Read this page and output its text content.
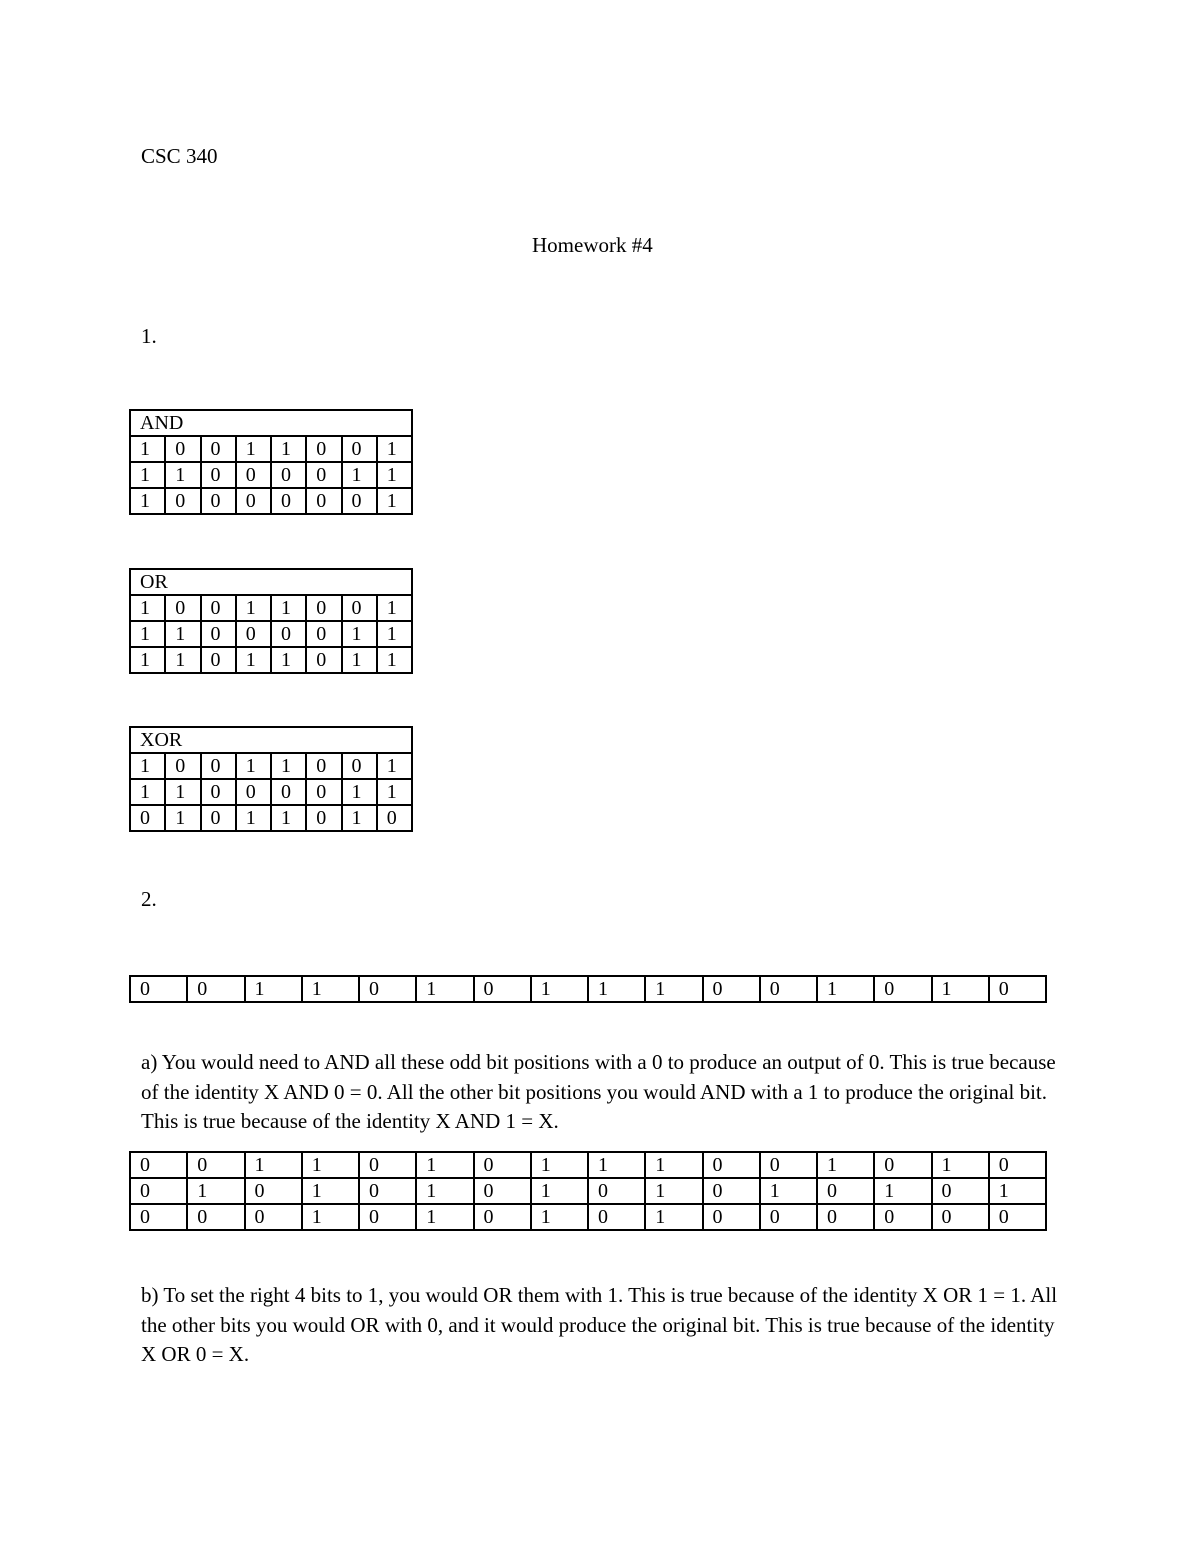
CSC 340
Homework #4
1.
AND							
1	0	0	1	1	0	0	1
1	1	0	0	0	0	1	1
1	0	0	0	0	0	0	1
OR							
1	0	0	1	1	0	0	1
1	1	0	0	0	0	1	1
1	1	0	1	1	0	1	1
XOR							
1	0	0	1	1	0	0	1
1	1	0	0	0	0	1	1
0	1	0	1	1	0	1	0
2.
0	0	1	1	0	1	0	1	1	1	0	0	1	0	1	0
a) You would need to AND all these odd bit positions with a 0 to produce an output of 0. This is true because of the identity X AND 0 = 0. All the other bit positions you would AND with a 1 to produce the original bit. This is true because of the identity X AND 1 = X.
0	0	1	1	0	1	0	1	1	1	0	0	1	0	1	0
0	1	0	1	0	1	0	1	0	1	0	1	0	1	0	1
0	0	0	1	0	1	0	1	0	1	0	0	0	0	0	0
b) To set the right 4 bits to 1, you would OR them with 1. This is true because of the identity X OR 1 = 1. All the other bits you would OR with 0, and it would produce the original bit. This is true because of the identity X OR 0 = X.
